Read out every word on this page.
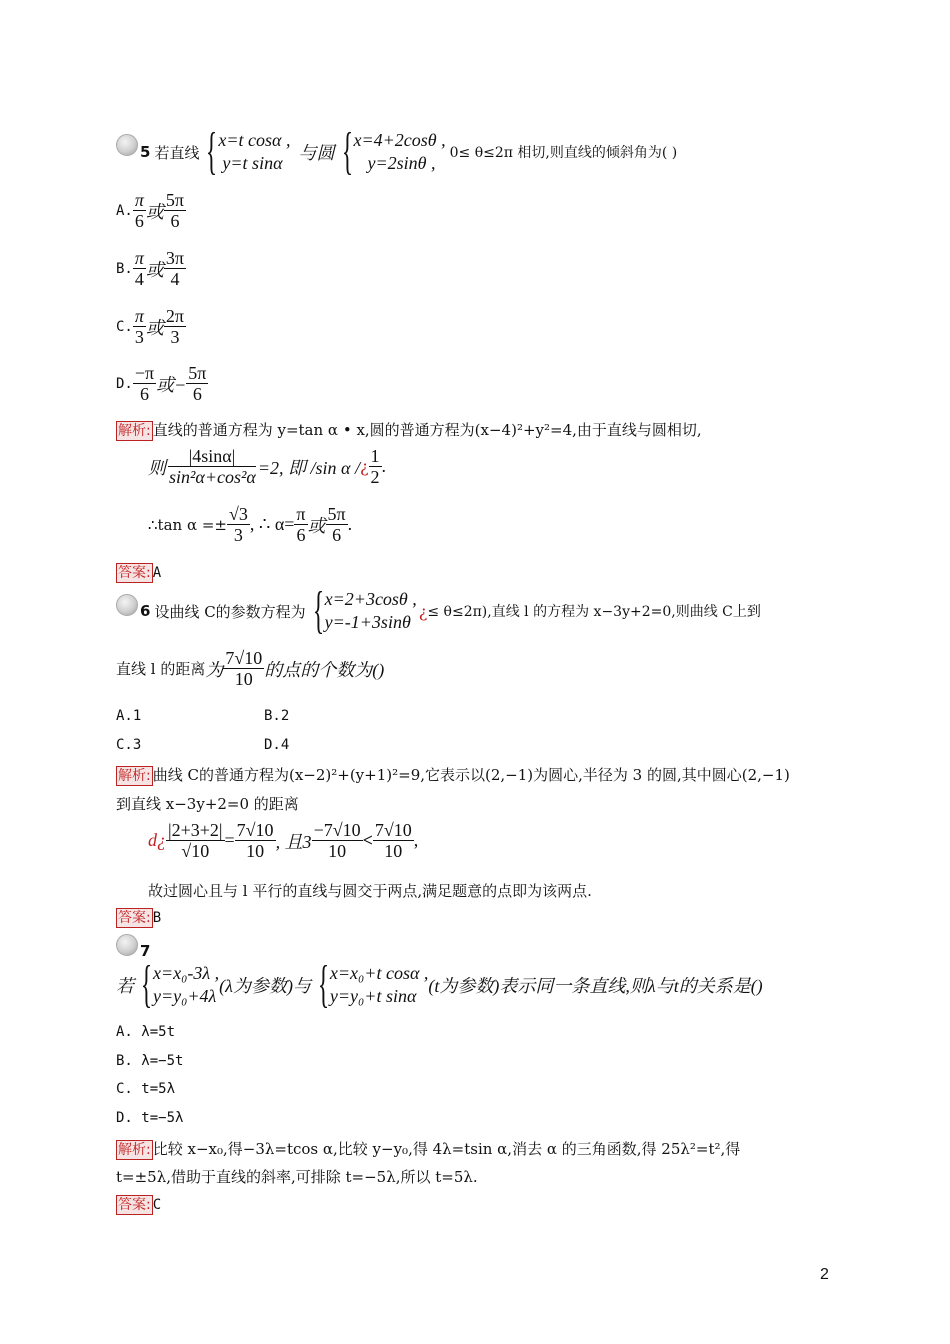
5 若直线 { x=t cosα ,
y=t sinα 与圆 { x=4+2cosθ ,
y=2sinθ ,	0≤ θ≤2π 相切,则直线的倾斜角为( )
A. $\frac{\pi}{6}$ 或 $\frac{5\pi}{6}$
B. $\frac{\pi}{4}$ 或 $\frac{3\pi}{4}$
C. $\frac{\pi}{3}$ 或 $\frac{2\pi}{3}$
D. $\frac{-\pi}{6}$ 或− $\frac{5\pi}{6}$
解析: 直线的普通方程为 y=tan α • x,圆的普通方程为(x−4)²+y²=4,由于直线与圆相切,
则 $\frac{|4\sin\alpha|}{\text{sin²α+cos²α}} =2$, 即 /sin α / ¿ $\frac{1}{2}$ .
∴tan $\alpha =\pm \frac{√3}{3}$ , ∴ $\alpha= \frac{\pi}{6}$ 或 $\frac{5\pi}{6}$ .
答案: A
6 设曲线 C的参数方程为 { x=2+3cosθ ,
y=-1+3sinθ
¿ ≤ θ≤2π),直线 l 的方程为 x−3y+2=0,则曲线 C上到
直线 l 的距离 为 $\frac{7√10}{10}$ 的点的个数为()
A.1	B.2
C.3	D.4
解析: 曲线 C的普通方程为(x−2)²+(y+1)²=9,它表示以(2,−1)为圆心,半径为 3 的圆,其中圆心(2,−1)
到直线 x−3y+2=0 的距离
d¿ $\frac{|2+3+2|}{√10} = \frac{7√10}{10}$ , 且$3 \frac{-7√10}{10} < \frac{7√10}{10}$ ,
故过圆心且与 l 平行的直线与圆交于两点,满足题意的点即为该两点.
答案: B
7
若 { x=x₀-3λ ,
y=y₀+4λ (λ为参数) 与 { x=x₀+t cosα ,
y=y₀+t sinα (t为参数)表示同一条直线,则λ与t的关系是()
A. λ=5t
B. λ=−5t
C. t=5λ
D. t=−5λ
解析: 比较 x−x₀,得−3λ=tcos α,比较 y−y₀,得 4λ=tsin α,消去 α 的三角函数,得 25λ²=t²,得
t=±5λ,借助于直线的斜率,可排除 t=−5λ,所以 t=5λ.
答案: C
2
